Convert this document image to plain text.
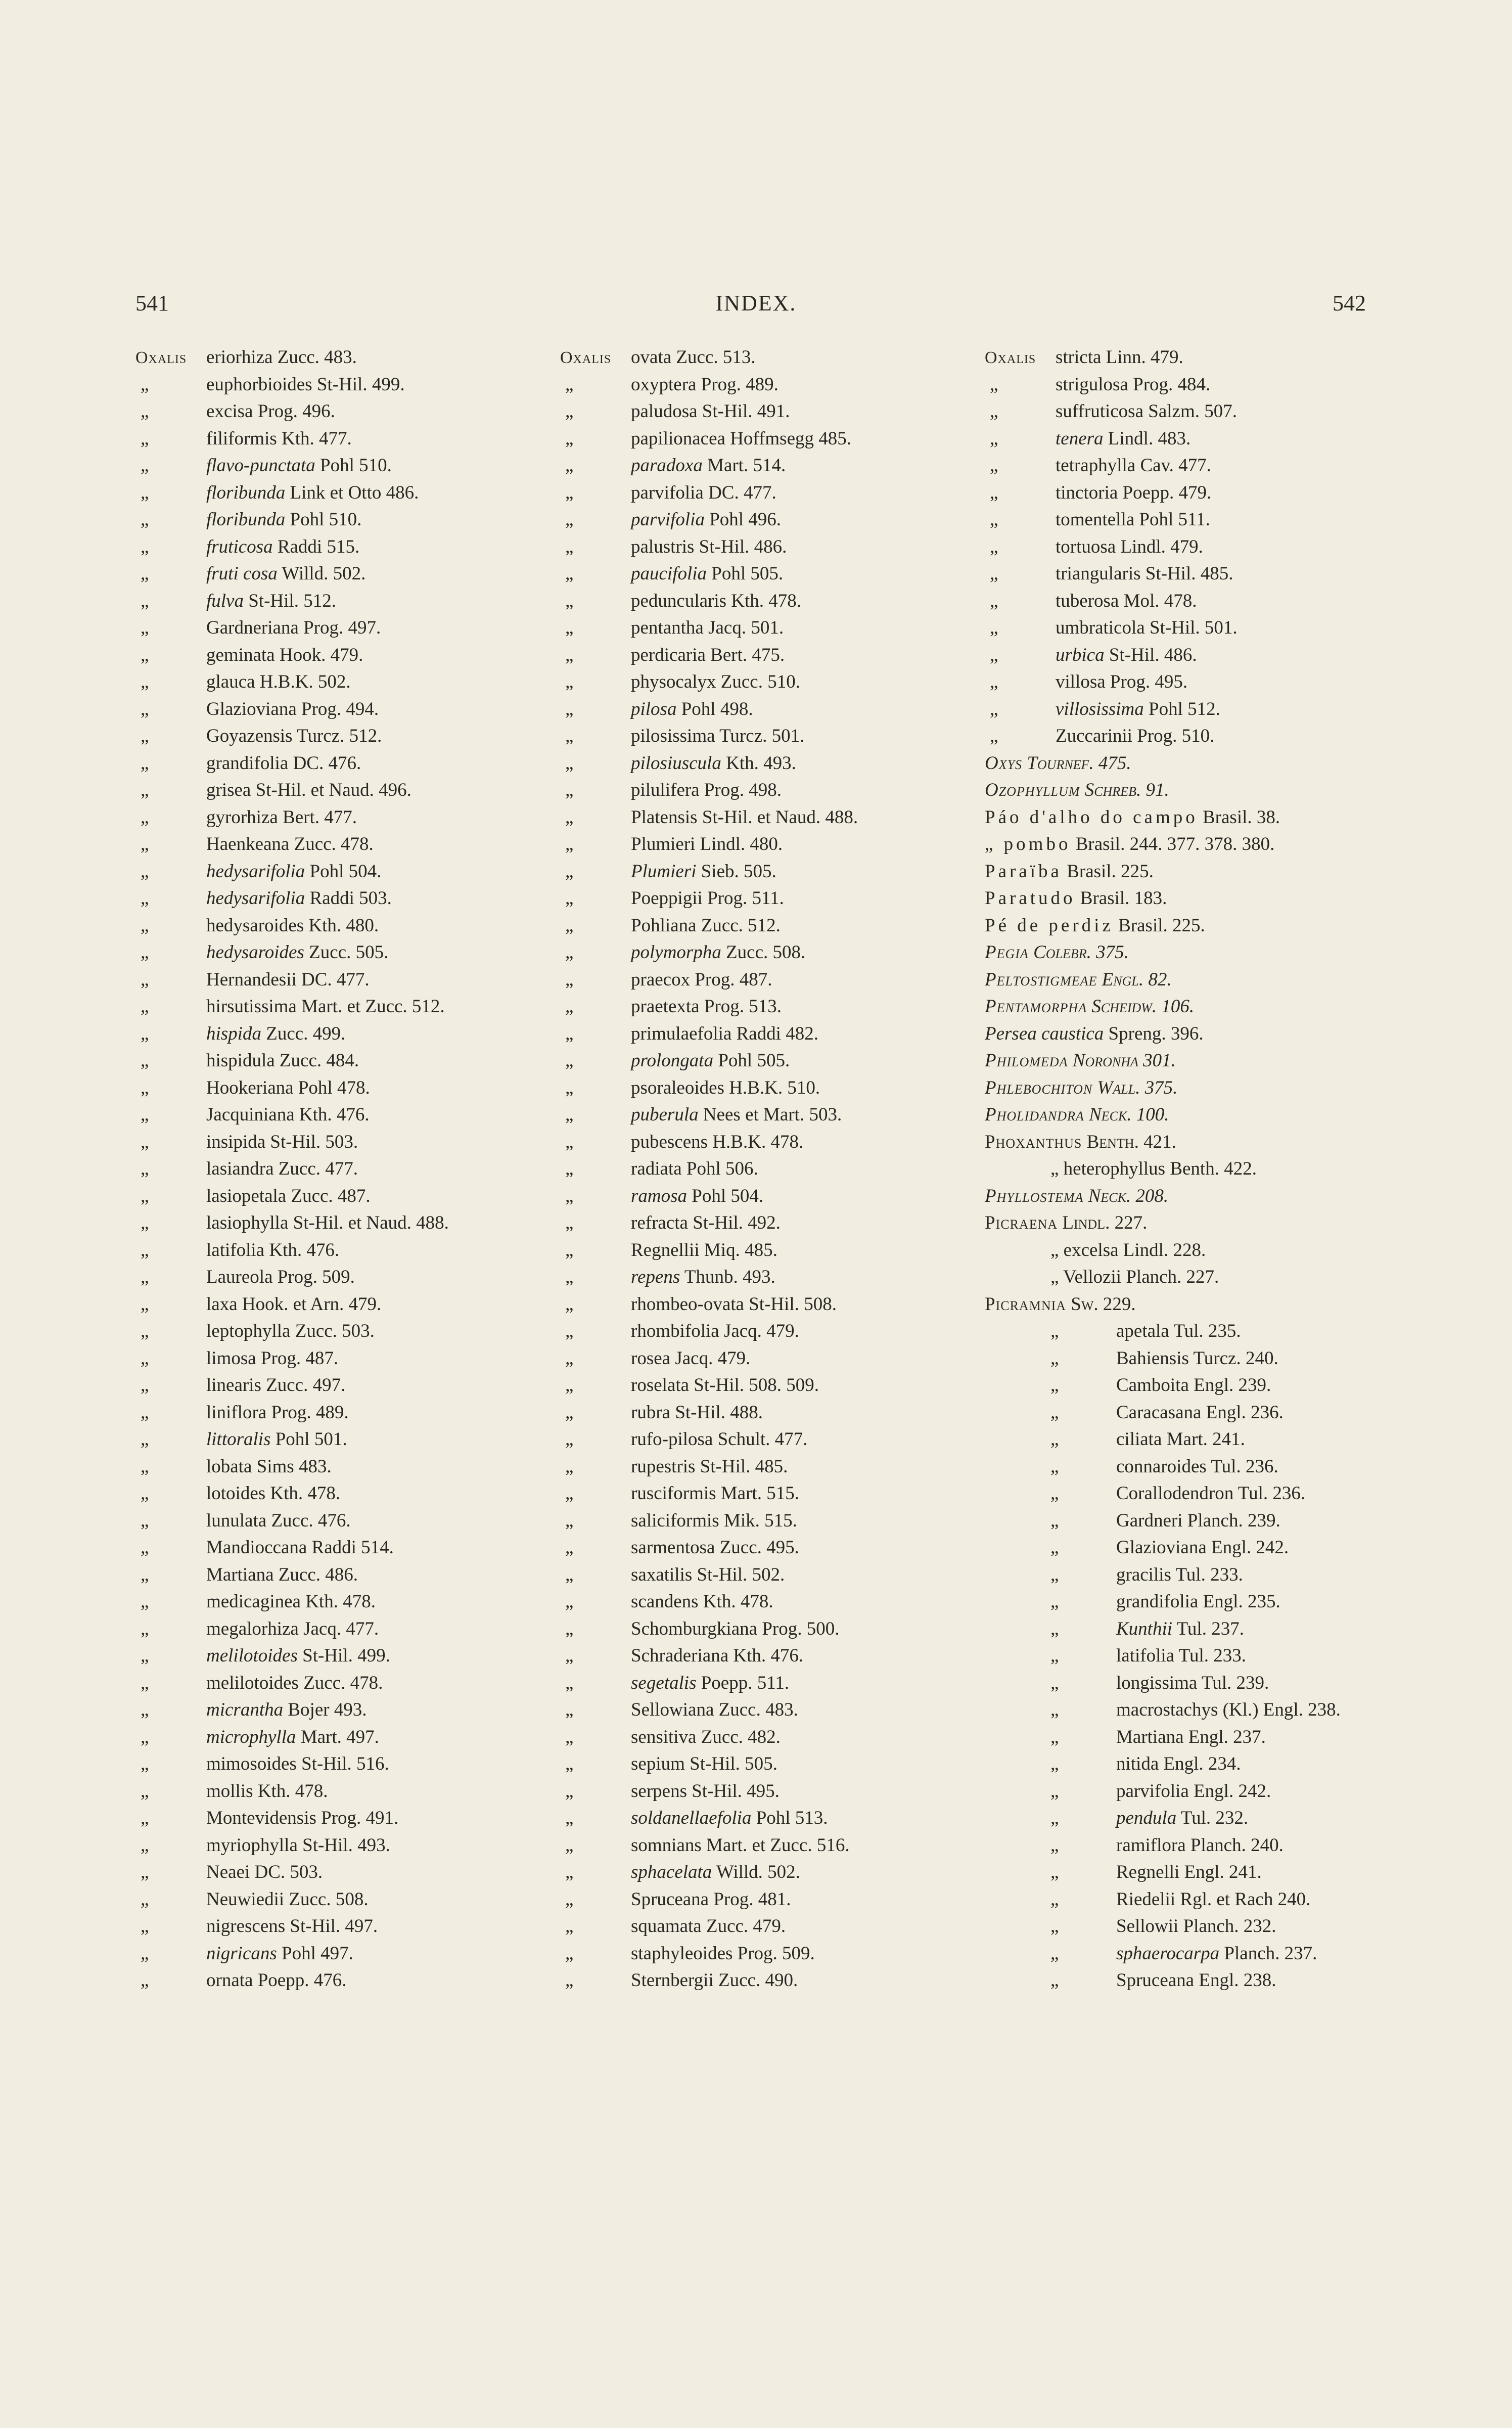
541	INDEX.	542
Oxalis eriorhiza Zucc. 483.
„	euphorbioides St-Hil. 499.
„	excisa Prog. 496.
„	filiformis Kth. 477.
„	flavo-punctata Pohl 510.
„	floribunda Link et Otto 486.
„	floribunda Pohl 510.
„	fruticosa Raddi 515.
„	fruti cosa Willd. 502.
„	fulva St-Hil. 512.
„	Gardneriana Prog. 497.
„	geminata Hook. 479.
„	glauca H.B.K. 502.
„	Glazioviana Prog. 494.
„	Goyazensis Turcz. 512.
„	grandifolia DC. 476.
„	grisea St-Hil. et Naud. 496.
„	gyrorhiza Bert. 477.
„	Haenkeana Zucc. 478.
„	hedysarifolia Pohl 504.
„	hedysarifolia Raddi 503.
„	hedysaroides Kth. 480.
„	hedysaroides Zucc. 505.
„	Hernandesii DC. 477.
„	hirsutissima Mart. et Zucc. 512.
„	hispida Zucc. 499.
„	hispidula Zucc. 484.
„	Hookeriana Pohl 478.
„	Jacquiniana Kth. 476.
„	insipida St-Hil. 503.
„	lasiandra Zucc. 477.
„	lasiopetala Zucc. 487.
„	lasiophylla St-Hil. et Naud. 488.
„	latifolia Kth. 476.
„	Laureola Prog. 509.
„	laxa Hook. et Arn. 479.
„	leptophylla Zucc. 503.
„	limosa Prog. 487.
„	linearis Zucc. 497.
„	liniflora Prog. 489.
„	littoralis Pohl 501.
„	lobata Sims 483.
„	lotoides Kth. 478.
„	lunulata Zucc. 476.
„	Mandioccana Raddi 514.
„	Martiana Zucc. 486.
„	medicaginea Kth. 478.
„	megalorhiza Jacq. 477.
„	melilotoides St-Hil. 499.
„	melilotoides Zucc. 478.
„	micrantha Bojer 493.
„	microphylla Mart. 497.
„	mimosoides St-Hil. 516.
„	mollis Kth. 478.
„	Montevidensis Prog. 491.
„	myriophylla St-Hil. 493.
„	Neaei DC. 503.
„	Neuwiedii Zucc. 508.
„	nigrescens St-Hil. 497.
„	nigricans Pohl 497.
„	ornata Poepp. 476.
Oxalis ovata Zucc. 513.
„	oxyptera Prog. 489.
„	paludosa St-Hil. 491.
„	papilionacea Hoffmsegg 485.
„	paradoxa Mart. 514.
„	parvifolia DC. 477.
„	parvifolia Pohl 496.
„	palustris St-Hil. 486.
„	paucifolia Pohl 505.
„	peduncularis Kth. 478.
„	pentantha Jacq. 501.
„	perdicaria Bert. 475.
„	physocalyx Zucc. 510.
„	pilosa Pohl 498.
„	pilosissima Turcz. 501.
„	pilosiuscula Kth. 493.
„	pilulifera Prog. 498.
„	Platensis St-Hil. et Naud. 488.
„	Plumieri Lindl. 480.
„	Plumieri Sieb. 505.
„	Poeppigii Prog. 511.
„	Pohliana Zucc. 512.
„	polymorpha Zucc. 508.
„	praecox Prog. 487.
„	praetexta Prog. 513.
„	primulaefolia Raddi 482.
„	prolongata Pohl 505.
„	psoraleoides H.B.K. 510.
„	puberula Nees et Mart. 503.
„	pubescens H.B.K. 478.
„	radiata Pohl 506.
„	ramosa Pohl 504.
„	refracta St-Hil. 492.
„	Regnellii Miq. 485.
„	repens Thunb. 493.
„	rhombeo-ovata St-Hil. 508.
„	rhombifolia Jacq. 479.
„	rosea Jacq. 479.
„	roselata St-Hil. 508. 509.
„	rubra St-Hil. 488.
„	rufo-pilosa Schult. 477.
„	rupestris St-Hil. 485.
„	rusciformis Mart. 515.
„	saliciformis Mik. 515.
„	sarmentosa Zucc. 495.
„	saxatilis St-Hil. 502.
„	scandens Kth. 478.
„	Schomburgkiana Prog. 500.
„	Schraderiana Kth. 476.
„	segetalis Poepp. 511.
„	Sellowiana Zucc. 483.
„	sensitiva Zucc. 482.
„	sepium St-Hil. 505.
„	serpens St-Hil. 495.
„	soldanellaefolia Pohl 513.
„	somnians Mart. et Zucc. 516.
„	sphacelata Willd. 502.
„	Spruceana Prog. 481.
„	squamata Zucc. 479.
„	staphyleoides Prog. 509.
„	Sternbergii Zucc. 490.
Oxalis stricta Linn. 479.
„	strigulosa Prog. 484.
„	suffruticosa Salzm. 507.
„	tenera Lindl. 483.
„	tetraphylla Cav. 477.
„	tinctoria Poepp. 479.
„	tomentella Pohl 511.
„	tortuosa Lindl. 479.
„	triangularis St-Hil. 485.
„	tuberosa Mol. 478.
„	umbraticola St-Hil. 501.
„	urbica St-Hil. 486.
„	villosa Prog. 495.
„	villosissima Pohl 512.
„	Zuccarinii Prog. 510.
Oxys Tournef. 475.
Ozophyllum Schreb. 91.
Páo d'alho do campo Brasil. 38.
„ pombo Brasil. 244. 377. 378. 380.
Paraïba Brasil. 225.
Paratudo Brasil. 183.
Pé de perdiz Brasil. 225.
Pegia Colebr. 375.
Peltostigmeae Engl. 82.
Pentamorpha Scheidw. 106.
Persea caustica Spreng. 396.
Philomeda Noronha 301.
Phlebochiton Wall. 375.
Pholidandra Neck. 100.
Phoxanthus Benth. 421.
„ heterophyllus Benth. 422.
Phyllostema Neck. 208.
Picraena Lindl. 227.
„ excelsa Lindl. 228.
„ Vellozii Planch. 227.
Picramnia Sw. 229.
„	apetala Tul. 235.
„	Bahiensis Turcz. 240.
„	Camboita Engl. 239.
„	Caracasana Engl. 236.
„	ciliata Mart. 241.
„	connaroides Tul. 236.
„	Corallodendron Tul. 236.
„	Gardneri Planch. 239.
„	Glazioviana Engl. 242.
„	gracilis Tul. 233.
„	grandifolia Engl. 235.
„	Kunthii Tul. 237.
„	latifolia Tul. 233.
„	longissima Tul. 239.
„	macrostachys (Kl.) Engl. 238.
„	Martiana Engl. 237.
„	nitida Engl. 234.
„	parvifolia Engl. 242.
„	pendula Tul. 232.
„	ramiflora Planch. 240.
„	Regnelli Engl. 241.
„	Riedelii Rgl. et Rach 240.
„	Sellowii Planch. 232.
„	sphaerocarpa Planch. 237.
„	Spruceana Engl. 238.
